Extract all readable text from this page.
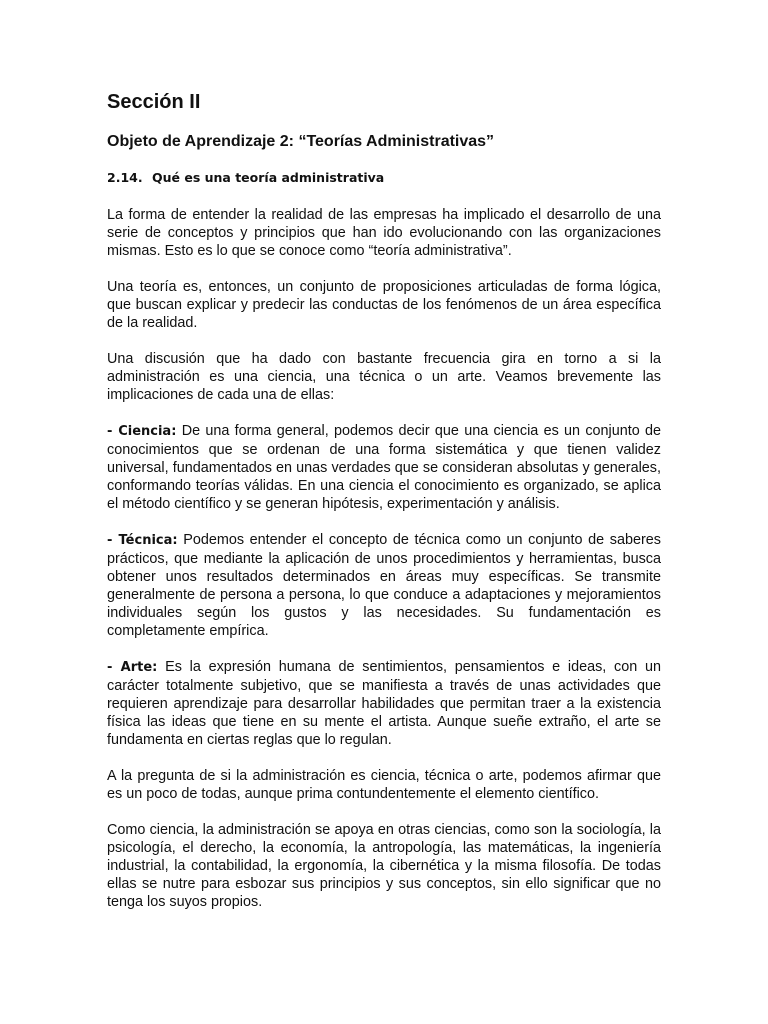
Sección II
Objeto de Aprendizaje 2: “Teorías Administrativas”
2.14. Qué es una teoría administrativa

La forma de entender la realidad de las empresas ha implicado el desarrollo de una serie de conceptos y principios que han ido evolucionando con las organizaciones mismas. Esto es lo que se conoce como “teoría administrativa”.

Una teoría es, entonces, un conjunto de proposiciones articuladas de forma lógica, que buscan explicar y predecir las conductas de los fenómenos de un área específica de la realidad.

Una discusión que ha dado con bastante frecuencia gira en torno a si la administración es una ciencia, una técnica o un arte. Veamos brevemente las implicaciones de cada una de ellas:

- Ciencia: De una forma general, podemos decir que una ciencia es un conjunto de conocimientos que se ordenan de una forma sistemática y que tienen validez universal, fundamentados en unas verdades que se consideran absolutas y generales, conformando teorías válidas. En una ciencia el conocimiento es organizado, se aplica el método científico y se generan hipótesis, experimentación y análisis.

- Técnica: Podemos entender el concepto de técnica como un conjunto de saberes prácticos, que mediante la aplicación de unos procedimientos y herramientas, busca obtener unos resultados determinados en áreas muy específicas. Se transmite generalmente de persona a persona, lo que conduce a adaptaciones y mejoramientos individuales según los gustos y las necesidades. Su fundamentación es completamente empírica.

- Arte: Es la expresión humana de sentimientos, pensamientos e ideas, con un carácter totalmente subjetivo, que se manifiesta a través de unas actividades que requieren aprendizaje para desarrollar habilidades que permitan traer a la existencia física las ideas que tiene en su mente el artista. Aunque sueñe extraño, el arte se fundamenta en ciertas reglas que lo regulan.

A la pregunta de si la administración es ciencia, técnica o arte, podemos afirmar que es un poco de todas, aunque prima contundentemente el elemento científico.

Como ciencia, la administración se apoya en otras ciencias, como son la sociología, la psicología, el derecho, la economía, la antropología, las matemáticas, la ingeniería industrial, la contabilidad, la ergonomía, la cibernética y la misma filosofía. De todas ellas se nutre para esbozar sus principios y sus conceptos, sin ello significar que no tenga los suyos propios.
